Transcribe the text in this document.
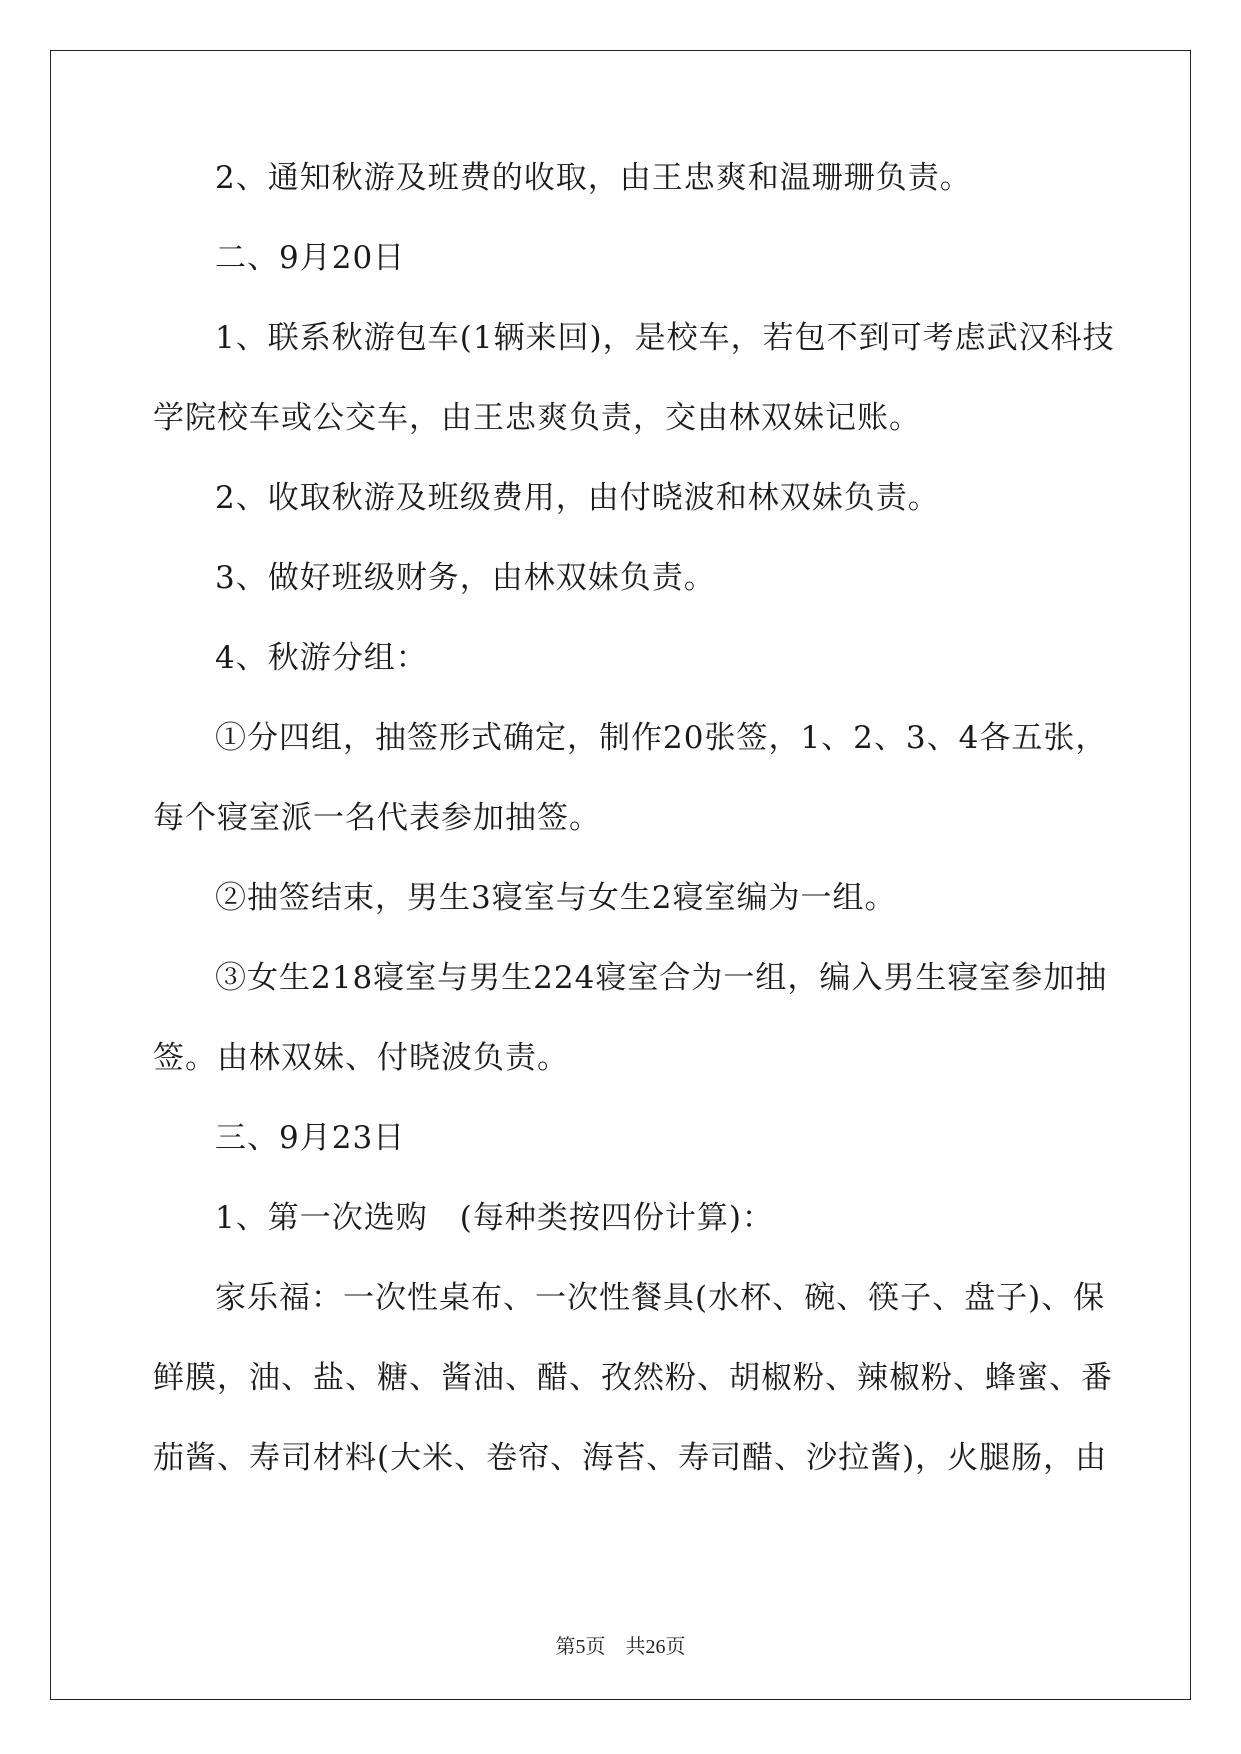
2、通知秋游及班费的收取，由王忠爽和温珊珊负责。

二、9月20日

1、联系秋游包车(1辆来回)，是校车，若包不到可考虑武汉科技

学院校车或公交车，由王忠爽负责，交由林双妹记账。

2、收取秋游及班级费用，由付晓波和林双妹负责。

3、做好班级财务，由林双妹负责。

4、秋游分组：

①分四组，抽签形式确定，制作20张签，1、2、3、4各五张，

每个寝室派一名代表参加抽签。

②抽签结束，男生3寝室与女生2寝室编为一组。

③女生218寝室与男生224寝室合为一组，编入男生寝室参加抽

签。由林双妹、付晓波负责。

三、9月23日

1、第一次选购　(每种类按四份计算)：

家乐福：一次性桌布、一次性餐具(水杯、碗、筷子、盘子)、保

鲜膜，油、盐、糖、酱油、醋、孜然粉、胡椒粉、辣椒粉、蜂蜜、番

茄酱、寿司材料(大米、卷帘、海苔、寿司醋、沙拉酱)，火腿肠，由

第5页　共26页
